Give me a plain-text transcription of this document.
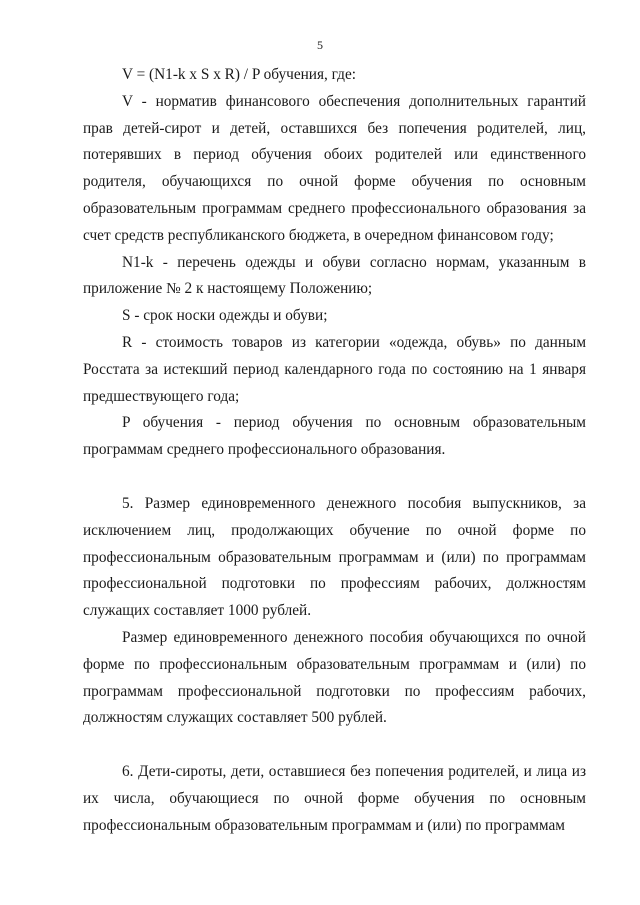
5

V = (N1-k x S x R) / P обучения, где:

V - норматив финансового обеспечения дополнительных гарантий прав детей-сирот и детей, оставшихся без попечения родителей, лиц, потерявших в период обучения обоих родителей или единственного родителя, обучающихся по очной форме обучения по основным образовательным программам среднего профессионального образования за счет средств республиканского бюджета, в очередном финансовом году;

N1-k - перечень одежды и обуви согласно нормам, указанным в приложение № 2 к настоящему Положению;

S - срок носки одежды и обуви;

R - стоимость товаров из категории «одежда, обувь» по данным Росстата за истекший период календарного года по состоянию на 1 января предшествующего года;

P обучения - период обучения по основным образовательным программам среднего профессионального образования.

5. Размер единовременного денежного пособия выпускников, за исключением лиц, продолжающих обучение по очной форме по профессиональным образовательным программам и (или) по программам профессиональной подготовки по профессиям рабочих, должностям служащих составляет 1000 рублей.

Размер единовременного денежного пособия обучающихся по очной форме по профессиональным образовательным программам и (или) по программам профессиональной подготовки по профессиям рабочих, должностям служащих составляет 500 рублей.

6. Дети-сироты, дети, оставшиеся без попечения родителей, и лица из их числа, обучающиеся по очной форме обучения по основным профессиональным образовательным программам и (или) по программам
